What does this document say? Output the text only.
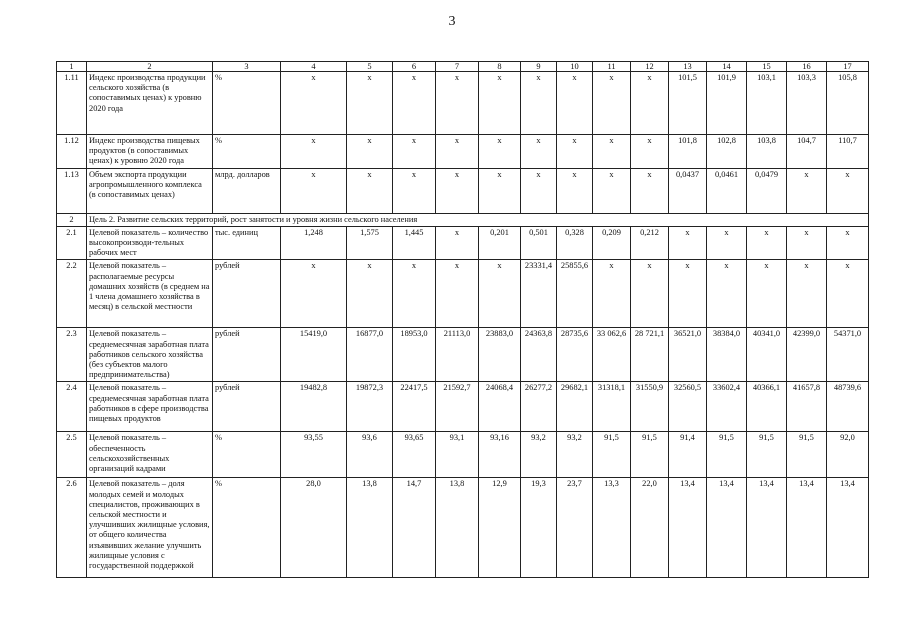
3
1	2	3	4	5	6	7	8	9	10	11	12	13	14	15	16	17
1.11	Индекс производства продукции сельского хозяйства (в сопоставимых ценах) к уровню 2020 года	%	х	х	х	х	х	х	х	х	х	101,5	101,9	103,1	103,3	105,8
1.12	Индекс производства пищевых продуктов (в сопоставимых ценах) к уровню 2020 года	%	х	х	х	х	х	х	х	х	х	101,8	102,8	103,8	104,7	110,7
1.13	Объем экспорта продукции агропромышленного комплекса (в сопоставимых ценах)	млрд. долларов	х	х	х	х	х	х	х	х	х	0,0437	0,0461	0,0479	х	х
2	Цель 2. Развитие сельских территорий, рост занятости и уровня жизни сельского населения															
2.1	Целевой показатель – количество высокопроизводи-тельных рабочих мест	тыс. единиц	1,248	1,575	1,445	х	0,201	0,501	0,328	0,209	0,212	х	х	х	х	х
2.2	Целевой показатель – располагаемые ресурсы домашних хозяйств (в среднем на 1 члена домашнего хозяйства в месяц) в сельской местности	рублей	х	х	х	х	х	23331,4	25855,6	х	х	х	х	х	х	х
2.3	Целевой показатель – среднемесячная заработная плата работников сельского хозяйства (без субъектов малого предпринимательства)	рублей	15419,0	16877,0	18953,0	21113,0	23883,0	24363,8	28735,6	33 062,6	28 721,1	36521,0	38384,0	40341,0	42399,0	54371,0
2.4	Целевой показатель – среднемесячная заработная плата работников в сфере производства пищевых продуктов	рублей	19482,8	19872,3	22417,5	21592,7	24068,4	26277,2	29682,1	31318,1	31550,9	32560,5	33602,4	40366,1	41657,8	48739,6
2.5	Целевой показатель – обеспеченность сельскохозяйственных организаций кадрами	%	93,55	93,6	93,65	93,1	93,16	93,2	93,2	91,5	91,5	91,4	91,5	91,5	91,5	92,0
2.6	Целевой показатель – доля молодых семей и молодых специалистов, проживающих в сельской местности и улучшивших жилищные условия, от общего количества изъявивших желание улучшить жилищные условия с государственной поддержкой	%	28,0	13,8	14,7	13,8	12,9	19,3	23,7	13,3	22,0	13,4	13,4	13,4	13,4	13,4
